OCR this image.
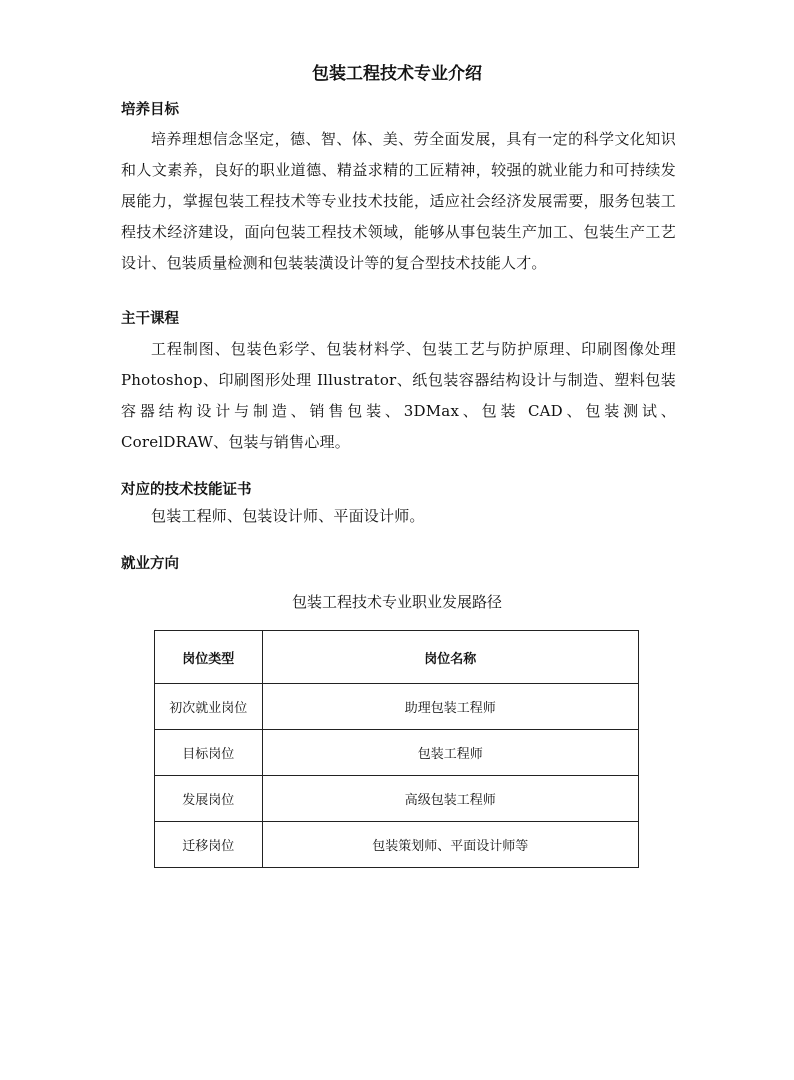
包装工程技术专业介绍
培养目标

培养理想信念坚定，德、智、体、美、劳全面发展，具有一定的科学文化知识和人文素养，良好的职业道德、精益求精的工匠精神，较强的就业能力和可持续发展能力，掌握包装工程技术等专业技术技能，适应社会经济发展需要，服务包装工程技术经济建设，面向包装工程技术领域，能够从事包装生产加工、包装生产工艺设计、包装质量检测和包装装潢设计等的复合型技术技能人才。

主干课程

工程制图、包装色彩学、包装材料学、包装工艺与防护原理、印刷图像处理Photoshop、印刷图形处理 Illustrator、纸包装容器结构设计与制造、塑料包装容器结构设计与制造、销售包装、3DMax、包装 CAD、包装测试、CorelDRAW、包装与销售心理。

对应的技术技能证书

包装工程师、包装设计师、平面设计师。

就业方向
包装工程技术专业职业发展路径
岗位类型	岗位名称
初次就业岗位	助理包装工程师
目标岗位	包装工程师
发展岗位	高级包装工程师
迁移岗位	包装策划师、平面设计师等
